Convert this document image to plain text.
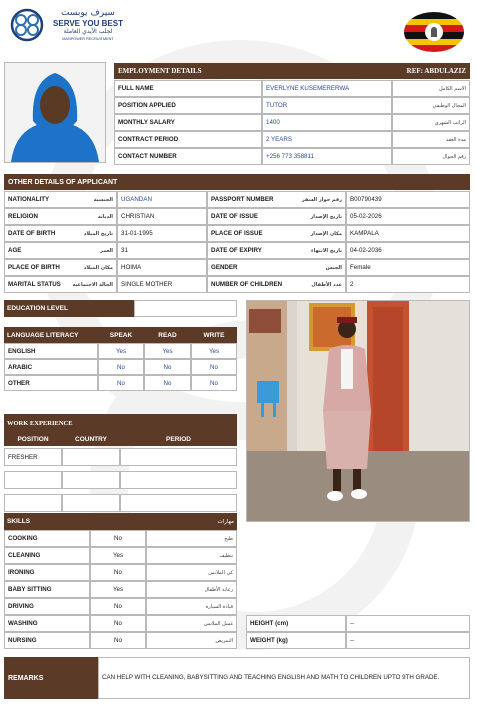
سيرف يوبست
SERVE YOU BEST
لجلب الأيدي العاملة
MANPOWER RECRUITMENT
EMPLOYMENT DETAILS	REF: ABDULAZIZ
FULL NAME	EVERLYNE KUSEMERERWA	الاسم الكامل
POSITION APPLIED	TUTOR	المجال الوظيفي
MONTHLY SALARY	1400	الراتب الشهري
CONTRACT PERIOD	2 YEARS	مدة العقد
CONTACT NUMBER	+256 773 358811	رقم الجوال
OTHER DETAILS OF APPLICANT
NATIONALITY	الجنسية	UGANDAN	PASSPORT NUMBER	رقم جواز السفر	B00790439
RELIGION	الديانة	CHRISTIAN	DATE OF ISSUE	تاريخ الإصدار	05-02-2026
DATE OF BIRTH	تاريخ الميلاد	31-01-1995	PLACE OF ISSUE	مكان الإصدار	KAMPALA
AGE	العمر	31	DATE OF EXPIRY	تاريخ الانتهاء	04-02-2036
PLACE OF BIRTH	مكان الميلاد	HOIMA	GENDER	الجنس	Female
MARITAL STATUS الحالة الاجتماعية	SINGLE MOTHER	NUMBER OF CHILDREN	عدد الأطفال	2
EDUCATION LEVEL
LANGUAGE LITERACY	SPEAK	READ	WRITE
ENGLISH	Yes	Yes	Yes
ARABIC	No	No	No
OTHER	No	No	No
WORK EXPERIENCE
POSITION	COUNTRY	PERIOD
FRESHER
SKILLS	مهارات
COOKING	No	طبخ
CLEANING	Yes	تنظيف
IRONING	No	كي الملابس
BABY SITTING	Yes	رعاية الأطفال
DRIVING	No	قيادة السيارة
WASHING	No	غسل الملابس
NURSING	No	التمريض
HEIGHT (cm)	--
WEIGHT (kg)	--
REMARKS	CAN HELP WITH CLEANING, BABYSITTING AND TEACHING ENGLISH AND MATH TO CHILDREN UPTO 9TH GRADE.
